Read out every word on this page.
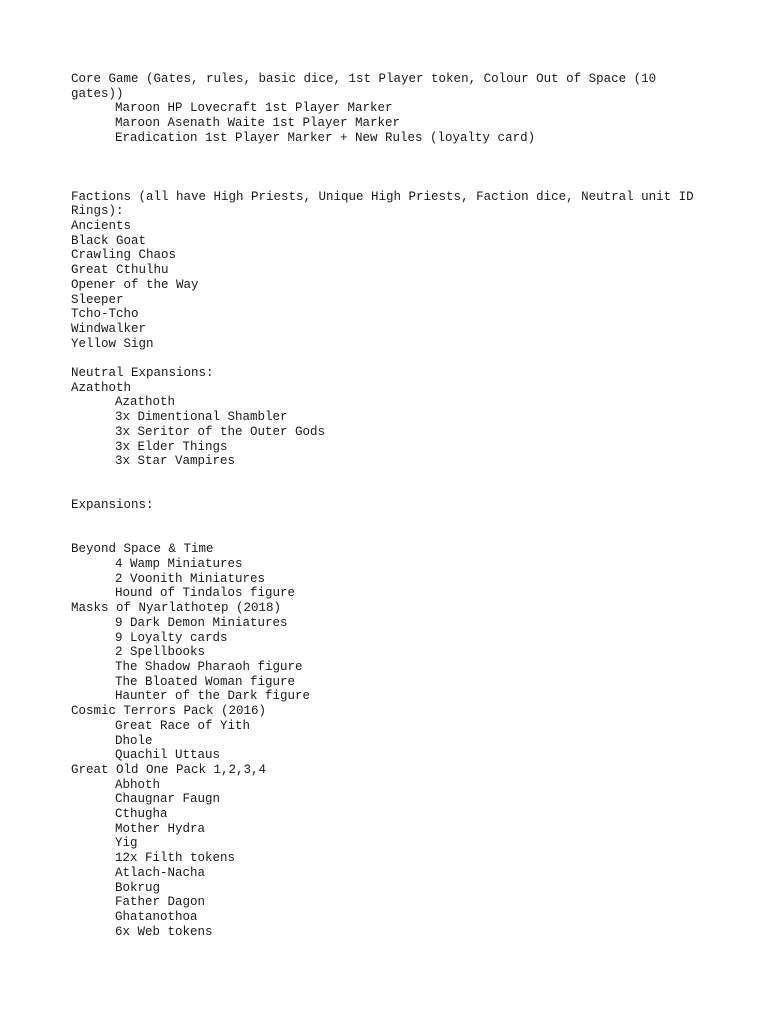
Core Game (Gates, rules, basic dice, 1st Player token, Colour Out of Space (10 gates))

Maroon HP Lovecraft 1st Player Marker

Maroon Asenath Waite 1st Player Marker

Eradication 1st Player Marker + New Rules (loyalty card)

Factions (all have High Priests, Unique High Priests, Faction dice, Neutral unit ID Rings):

Ancients

Black Goat

Crawling Chaos

Great Cthulhu

Opener of the Way

Sleeper

Tcho-Tcho

Windwalker

Yellow Sign

Neutral Expansions:

Azathoth

Azathoth

3x Dimentional Shambler

3x Seritor of the Outer Gods

3x Elder Things

3x Star Vampires

Expansions:

Beyond Space & Time

4 Wamp Miniatures

2 Voonith Miniatures

Hound of Tindalos figure

Masks of Nyarlathotep (2018)

9 Dark Demon Miniatures

9 Loyalty cards

2 Spellbooks

The Shadow Pharaoh figure

The Bloated Woman figure

Haunter of the Dark figure

Cosmic Terrors Pack (2016)

Great Race of Yith

Dhole

Quachil Uttaus

Great Old One Pack 1,2,3,4

Abhoth

Chaugnar Faugn

Cthugha

Mother Hydra

Yig

12x Filth tokens

Atlach-Nacha

Bokrug

Father Dagon

Ghatanothoa

6x Web tokens
